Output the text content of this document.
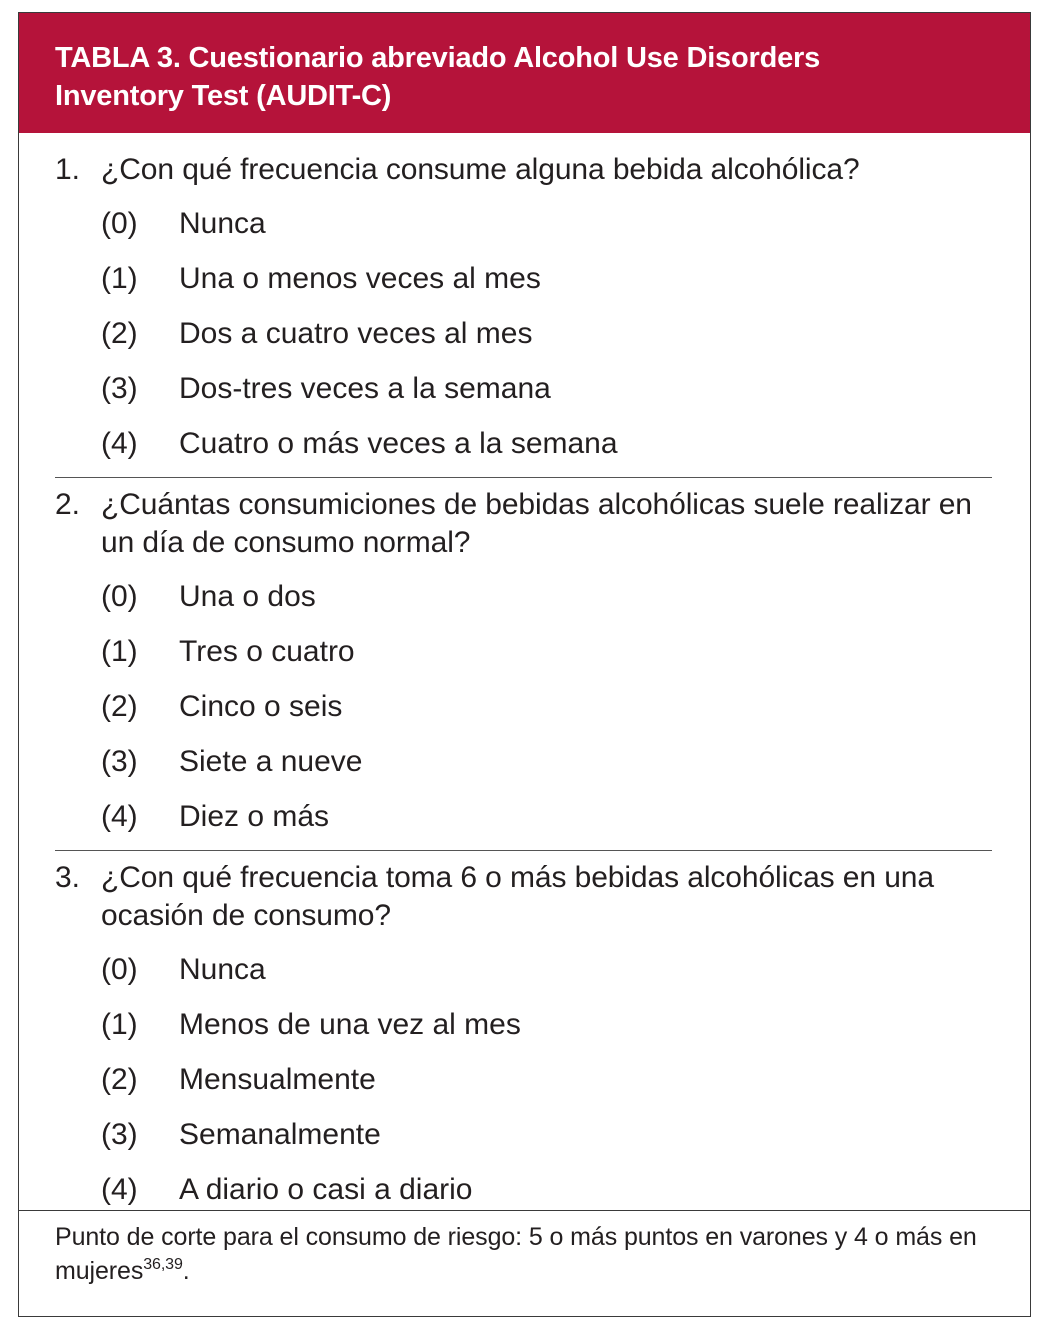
TABLA 3. Cuestionario abreviado Alcohol Use Disorders
Inventory Test (AUDIT-C)
1. ¿Con qué frecuencia consume alguna bebida alcohólica?
(0)	Nunca
(1)	Una o menos veces al mes
(2)	Dos a cuatro veces al mes
(3)	Dos-tres veces a la semana
(4)	Cuatro o más veces a la semana
2. ¿Cuántas consumiciones de bebidas alcohólicas suele realizar en un día de consumo normal?
(0)	Una o dos
(1)	Tres o cuatro
(2)	Cinco o seis
(3)	Siete a nueve
(4)	Diez o más
3. ¿Con qué frecuencia toma 6 o más bebidas alcohólicas en una ocasión de consumo?
(0)	Nunca
(1)	Menos de una vez al mes
(2)	Mensualmente
(3)	Semanalmente
(4)	A diario o casi a diario
Punto de corte para el consumo de riesgo: 5 o más puntos en varones y 4 o más en mujeres$^{36,39}$.
